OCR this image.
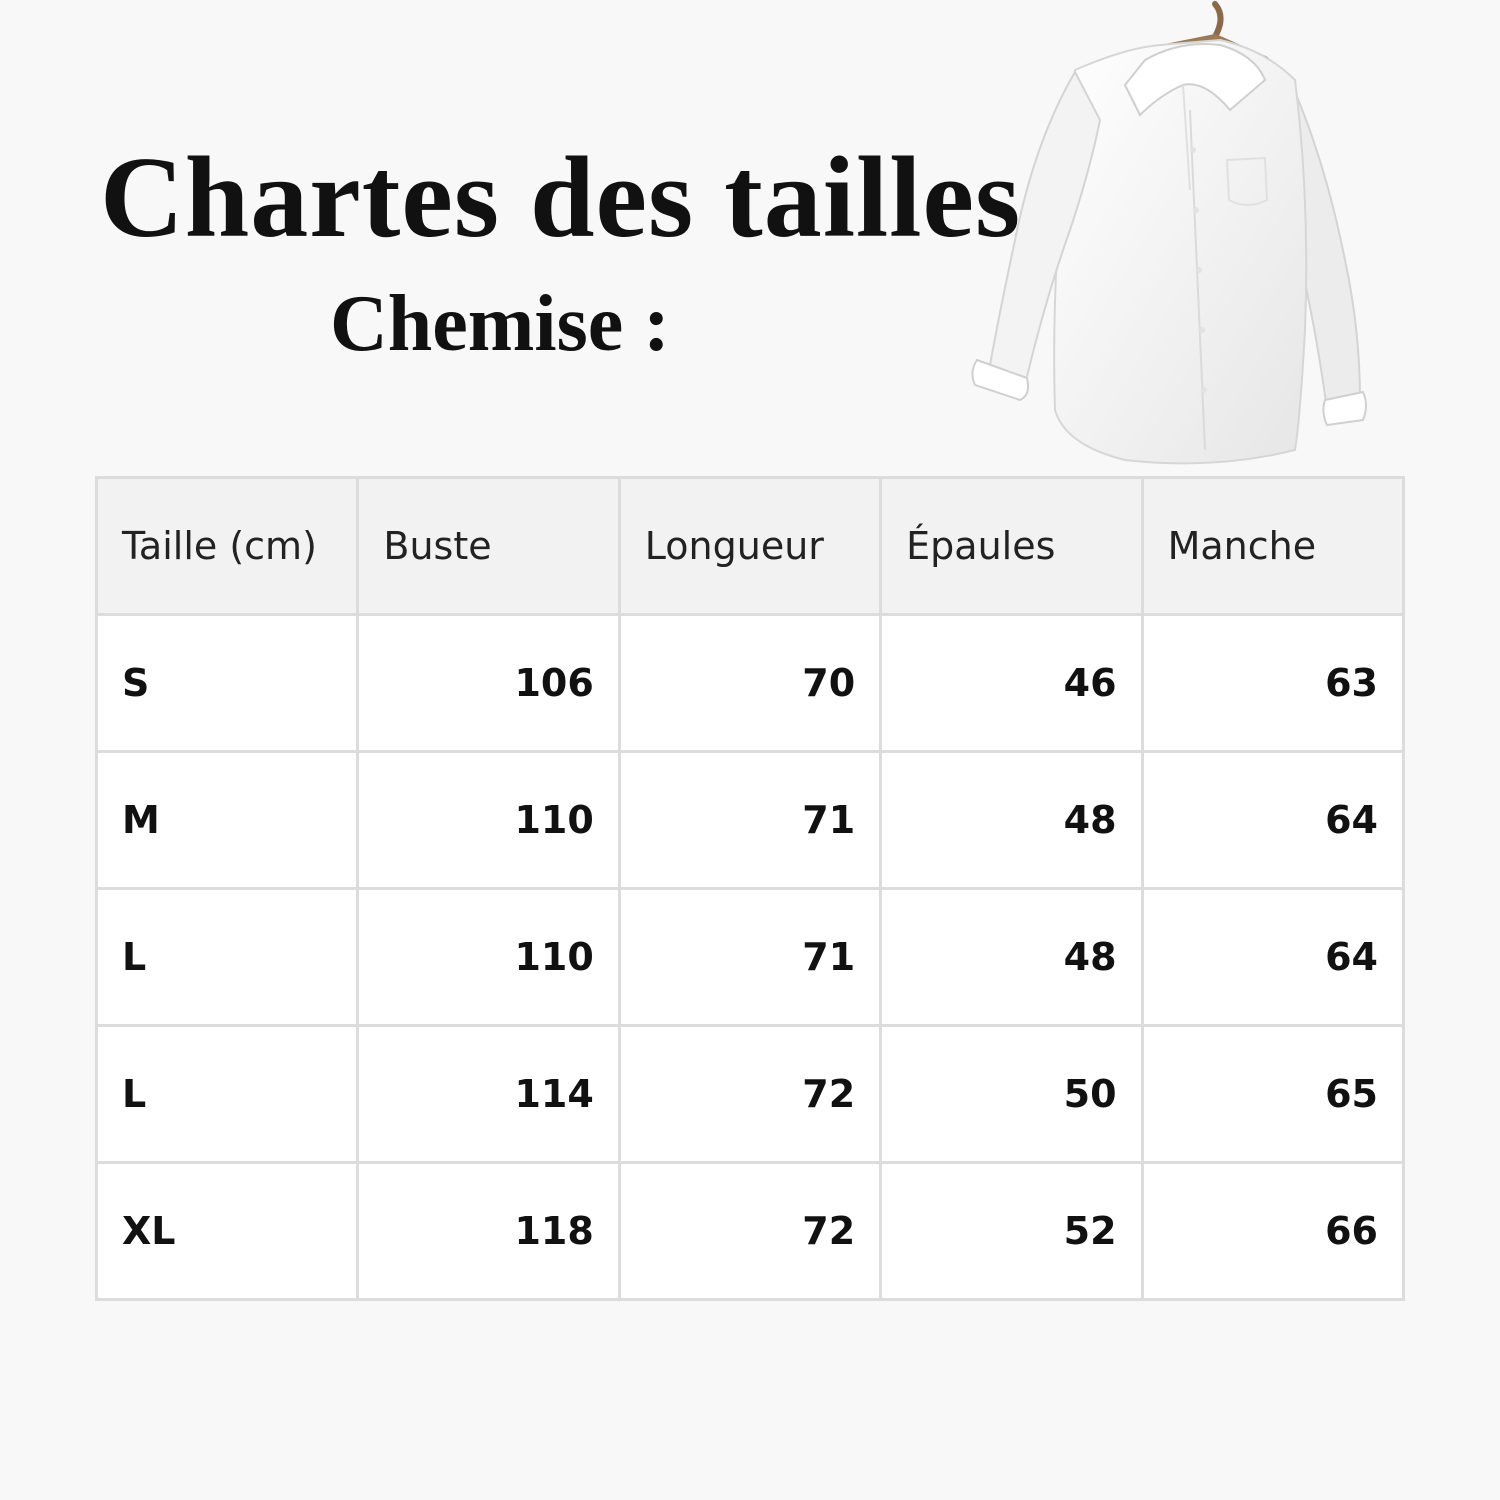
Chartes des tailles
Chemise :
Taille (cm)	Buste	Longueur	Épaules	Manche
S	106	70	46	63
M	110	71	48	64
L	110	71	48	64
L	114	72	50	65
XL	118	72	52	66
